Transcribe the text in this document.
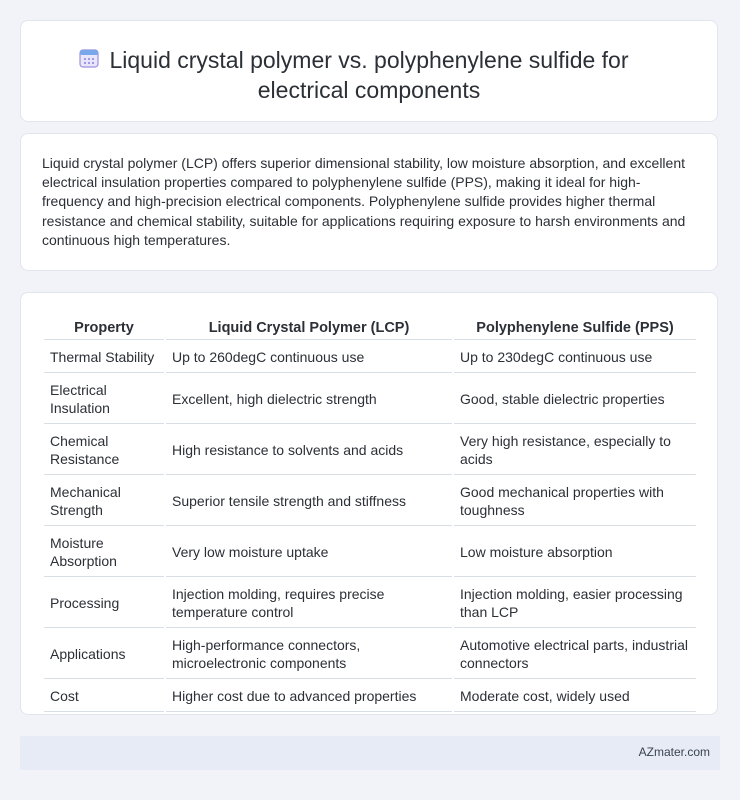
Liquid crystal polymer vs. polyphenylene sulfide for electrical components

Liquid crystal polymer (LCP) offers superior dimensional stability, low moisture absorption, and excellent electrical insulation properties compared to polyphenylene sulfide (PPS), making it ideal for high-frequency and high-precision electrical components. Polyphenylene sulfide provides higher thermal resistance and chemical stability, suitable for applications requiring exposure to harsh environments and continuous high temperatures.

Property	Liquid Crystal Polymer (LCP)	Polyphenylene Sulfide (PPS)
Thermal Stability	Up to 260degC continuous use	Up to 230degC continuous use
Electrical Insulation	Excellent, high dielectric strength	Good, stable dielectric properties
Chemical Resistance	High resistance to solvents and acids	Very high resistance, especially to acids
Mechanical Strength	Superior tensile strength and stiffness	Good mechanical properties with toughness
Moisture Absorption	Very low moisture uptake	Low moisture absorption
Processing	Injection molding, requires precise temperature control	Injection molding, easier processing than LCP
Applications	High-performance connectors, microelectronic components	Automotive electrical parts, industrial connectors
Cost	Higher cost due to advanced properties	Moderate cost, widely used
AZmater.com
